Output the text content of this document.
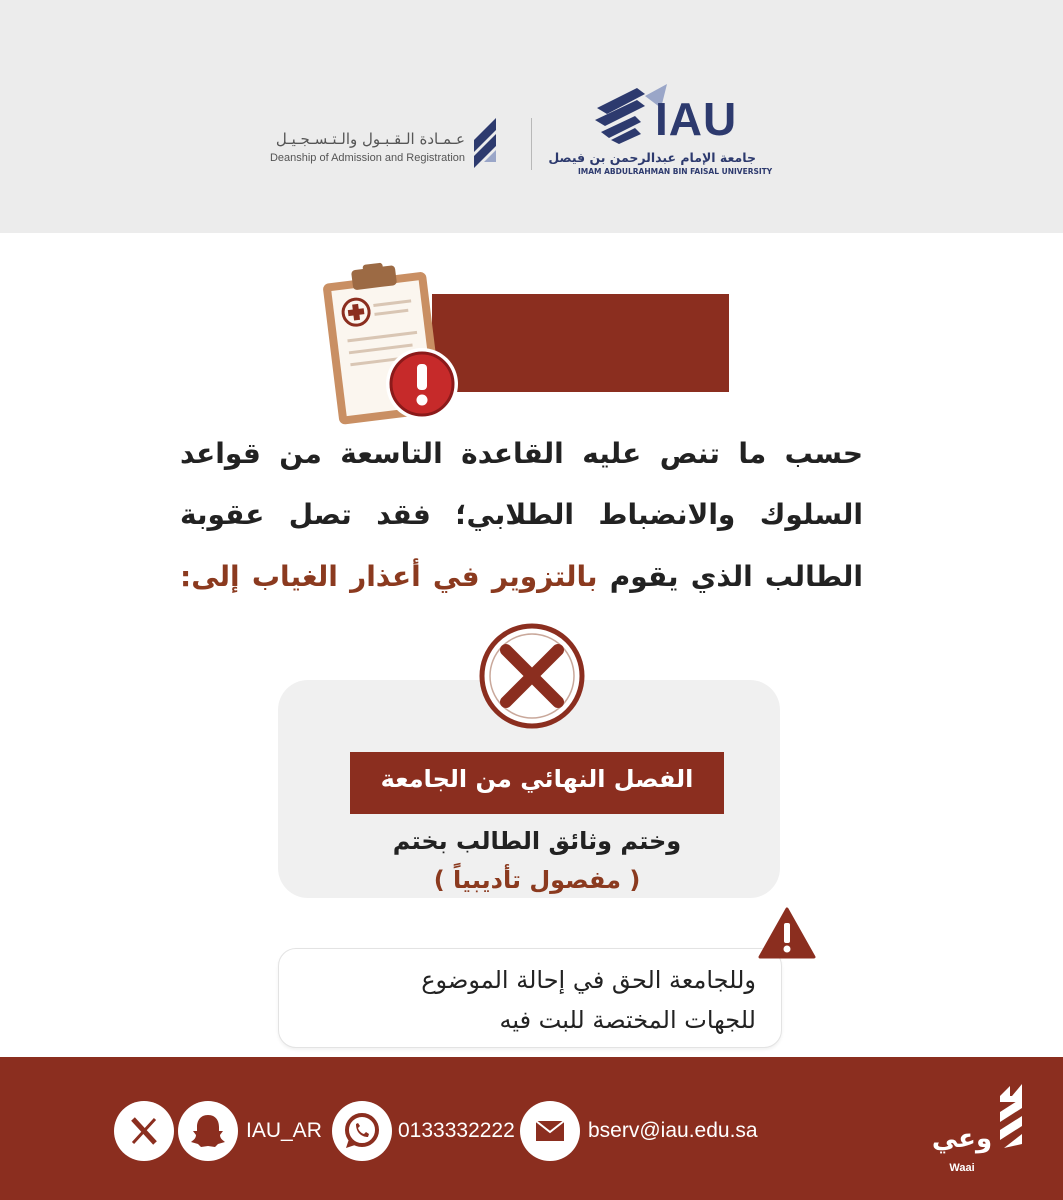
IAU
جامعة الإمام عبدالرحمن بن فيصل
IMAM ABDULRAHMAN BIN FAISAL UNIVERSITY
عـمـادة الـقـبـول والـتـسـجـيـل
Deanship of Admission and Registration
عقوبة تزوير
أعذار الغياب
حسب ما تنص عليه القاعدة التاسعة من قواعد
السلوك والانضباط الطلابي؛ فقد تصل عقوبة
الطالب الذي يقوم بالتزوير في أعذار الغياب إلى:
الفصل النهائي من الجامعة
وختم وثائق الطالب بختم
( مفصول تأديبياً )
وللجامعة الحق في إحالة الموضوع
للجهات المختصة للبت فيه
IAU_AR	0133332222	bserv@iau.edu.sa	وعي
Waai
